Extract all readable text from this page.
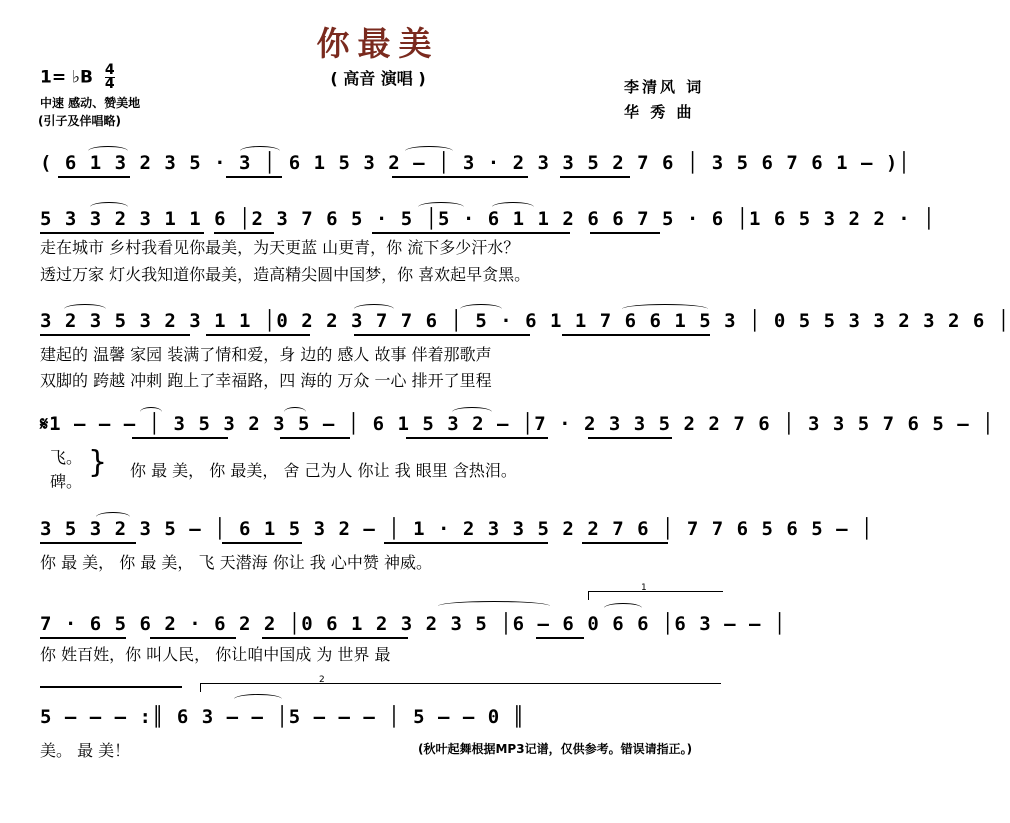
你最美
( 高音 演唱 )
1= ♭B $\frac{4}{4}$
中速 感动、赞美地
(引子及伴唱略)
李清风 词
华 秀 曲
( 6 1 3 2 3 5 · 3 │ 6 1 5 3 2 – │ 3 · 2 3 3 5 2 7 6 │ 3 5 6 7 6 1 – )│
5 3 3 2 3 1 1 6 │2 3 7 6 5 · 5 │5 · 6 1 1 2 6 6 7 5 · 6 │1 6 5 3 2 2 · │
走在城市 乡村我看见你最美，为天更蓝 山更青，你 流下多少汗水？
透过万家 灯火我知道你最美，造高精尖圆中国梦，你 喜欢起早贪黑。
3 2 3 5 3 2 3 1 1 │0 2 2 3 7 7 6 │ 5 · 6 1 1 7 6 6 1 5 3 │ 0 5 5 3 3 2 3 2 6 │
建起的 温馨 家园 装满了情和爱，身 边的 感人 故事 伴着那歌声
双脚的 跨越 冲刺 跑上了幸福路，四 海的 万众 一心 排开了里程
𝄋1 – – – │ 3 5 3 2 3 5 – │ 6 1 5 3 2 – │7 · 2 3 3 5 2 2 7 6 │ 3 3 5 7 6 5 – │
飞。
碑。
} 你 最 美， 你 最美， 舍 己为人 你让 我 眼里 含热泪。
3 5 3 2 3 5 – │ 6 1 5 3 2 – │ 1 · 2 3 3 5 2 2 7 6 │ 7 7 6 5 6 5 – │
你 最 美， 你 最 美， 飞 天潜海 你让 我 心中赞 神威。
1
7 · 6 5 6 2 · 6 2 2 │0 6 1 2 3 2 3 5 │6 – 6 0 6 6 │6 3 – – │
你 姓百姓，你 叫人民， 你让咱中国成 为 世界 最
2
5 – – – :║ 6 3 – – │5 – – – │ 5 – – 0 ║
美。 最 美！	(秋叶起舞根据MP3记谱，仅供参考。错误请指正。)
